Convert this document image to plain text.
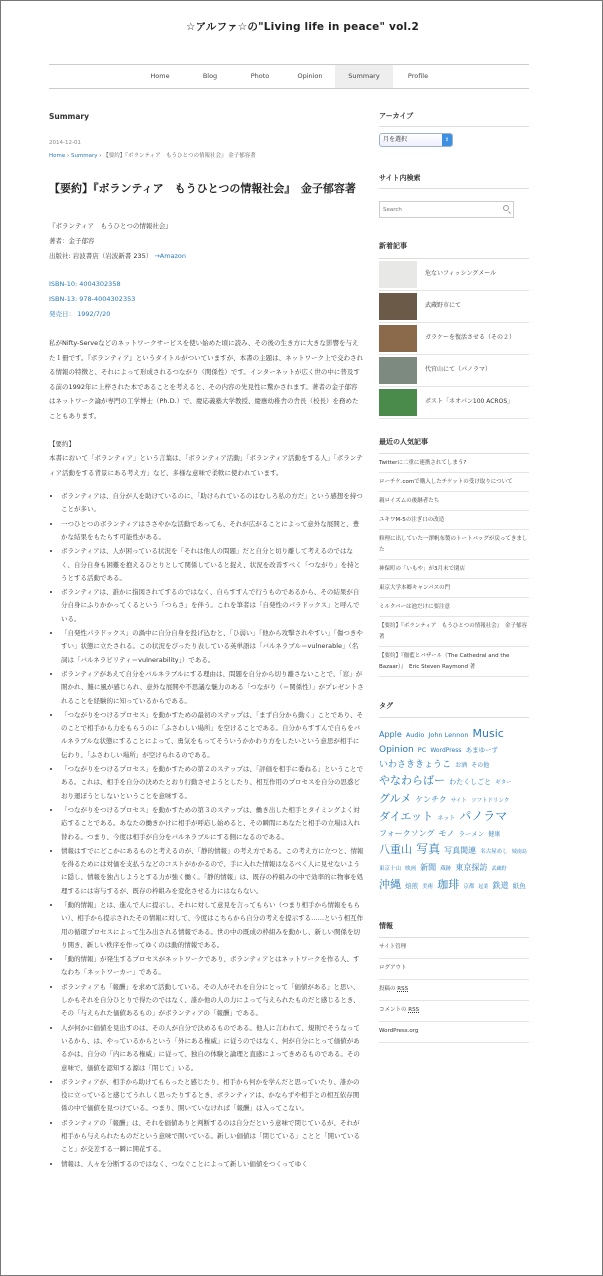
☆アルファ☆の"Living life in peace" vol.2
Home	Blog	Photo	Opinion	Summary	Profile
Summary
2014-12-01
Home › Summary › 【要約】『ボランティア　もうひとつの情報社会』 金子郁容著
【要約】『ボランティア　もうひとつの情報社会』　金子郁容著

『ボランティア　もうひとつの情報社会』

著者：金子郁容

出版社: 岩波書店（岩波新書 235） →Amazon

ISBN-10: 4004302358

ISBN-13: 978-4004302353

発売日： 1992/7/20

私がNifty-Serveなどのネットワークサービスを使い始めた頃に読み、その後の生き方に大きな影響を与えた１冊です。『ボランティア』というタイトルがついていますが、本書の主題は、ネットワーク上で交わされる情報の特徴と、それによって形成されるつながり（関係性）です。インターネットが広く世の中に普及する前の1992年に上梓された本であることを考えると、その内容の先見性に驚かされます。著者の金子郁容はネットワーク論が専門の工学博士（Ph.D.）で、慶応義塾大学教授、慶應幼稚舎の舎長（校長）を務めたこともあります。

【要約】

本書において「ボランティア」という言葉は、「ボランティア活動」「ボランティア活動をする人」「ボランティア活動をする背景にある考え方」など、多様な意味で柔軟に使われています。

• ボランティアは、自分が人を助けているのに、「助けられているのはむしろ私の方だ」という感想を持つことが多い。
• 一つひとつのボランティアはささやかな活動であっても、それが広がることによって意外な展開と、豊かな結果をもたらす可能性がある。
• ボランティアは、人が困っている状況を「それは他人の問題」だと自分と切り離して考えるのではなく、自分自身も困難を抱えるひとりとして関係していると捉え、状況を改善すべく「つながり」を持とうとする活動である。
• ボランティアは、誰かに指図されてするのではなく、自らすすんで行うものであるから、その結果が自分自身にふりかかってくるという「つらさ」を伴う。これを筆者は「自発性のパラドックス」と呼んでいる。
• 「自発性パラドックス」の渦中に自分自身を投げ込むと、「ひ弱い」「他から攻撃されやすい」「傷つきやすい」状態に立たされる。この状況をぴったり表している英単語は「バルネラブル＝vulnerable」（名詞は「バルネラビリティ＝vulnerability」）である。
• ボランティアがあえて自分をバルネラブルにする理由は、問題を自分から切り離さないことで、「窓」が開かれ、難に風が感じられ、意外な展開や不思議な魅力のある「つながり（＝関係性）」がプレゼントされることを経験的に知っているからである。
• 「つながりをつけるプロセス」を動かすための最初のステップは、「まず自分から動く」ことであり、そのことで相手から力をもらうのに「ふさわしい場所」を空けることである。自分からすすんで自らをバルネラブルな状態にすることによって、勇気をもってそういうかかわり方をしたいという意思が相手に伝わり、「ふさわしい場所」が空けられるのである。
• 「つながりをつけるプロセス」を動かすための第２のステップは、「評価を相手に委ねる」ということである。これは、相手を自分の決めたとおり行動させようとしたり、相互作用のプロセスを自分の思惑どおり運ぼうとしないということを意味する。
• 「つながりをつけるプロセス」を動かすための第３のステップは、働き出した相手とタイミングよく対応することである。あなたの働きかけに相手が呼応し始めると、その瞬間にあなたと相手の立場は入れ替わる。つまり、今度は相手が自分をバルネラブルにする側になるのである。
• 情報はすでにどこかにあるものと考えるのが、「静的情報」の考え方である。この考え方に立つと、情報を得るためには対価を支払うなどのコストがかかるので、手に入れた情報はなるべく人に見せないように隠し、情報を独占しようとする力が強く働く。「静的情報」は、既存の枠組みの中で効率的に物事を処理するには寄与するが、既存の枠組みを変化させる力にはならない。
• 「動的情報」とは、進んで人に提示し、それに対して意見を言ってもらい（つまり相手から情報をもらい）、相手から提示されたその情報に対して、今度はこちらから自分の考えを提示する……という相互作用の循環プロセスによって生み出される情報である。世の中の既成の枠組みを動かし、新しい関係を切り開き、新しい秩序を作ってゆくのは動的情報である。
• 「動的情報」が発生するプロセスがネットワークであり、ボランティアとはネットワークを作る人、すなわち「ネットワーカー」である。
• ボランティアも「報酬」を求めて活動している。その人がそれを自分にとって「価値がある」と思い、しかもそれを自分ひとりで得たのではなく、誰か他の人の力によって与えられたものだと感じるとき、その「与えられた価値あるもの」がボランティアの「報酬」である。
• 人が何かに価値を見出すのは、その人が自分で決めるものである。他人に言われて、規則でそうなっているから、は、やっているからという「外にある権威」に従うのではなく、何が自分にとって価値があるかは、自分の「内にある権威」に従って、独自の体験と論理と直感によってきめるものである。その意味で、価値を認知する源は「閉じて」いる。
• ボランティアが、相手から助けてもらったと感じたり、相手から何かを学んだと思っていたり、誰かの役に立っていると感じてうれしく思ったりするとき、ボランティアは、かならずや相手との相互依存関係の中で価値を見つけている。つまり、開いていなければ「報酬」は入ってこない。
• ボランティアの「報酬」は、それを価値ありと判断するのは自分だという意味で閉じているが、それが相手から与えられたものだという意味で開いている。新しい価値は「閉じている」ことと「開いていること」が交差する一瞬に開花する。
• 情報は、人々を分断するのではなく、つなぐことによって新しい価値をつくってゆく
アーカイブ
月を選択	⇕
サイト内検索
Search
新着記事
危ないフィッシングメール
武蔵野市にて
ガラケーを復活させる（その２）
代官山にて（パノラマ）
ポスト「ネオパン100 ACROS」
最近の人気記事
Twitterに二重に連携されてしまう?
ローチケ.comで購入したチケットの受け取りについて
親ロイズムの後継者たち
ユキワM-5の注ぎ口の改造
修理に出していた一澤帆布製のトートバッグが戻ってきました
神保町の「いもや」が3月末で閉店
東京大学本郷キャンパスの門
ミルクバーは池だけに要注意
【要約】『ボランティア　もうひとつの情報社会』　金子郁容著
【要約】『伽藍とバザール（The Cathedral and the Bazaar）』　Eric Steven Raymond 著
タグ
Apple Audio John Lennon Music Opinion PC WordPress あまゆーず いわさききょうこ お酒 その他 やなわらばー わたくしごと ギター グルメ ケンチク サイト ソフトドリンク ダイエット ネット パノラマ フォークソング モノ ラーメン 健康 八重山 写真 写真関連 名古屋めし 城南島 東京十山 映画 新聞 蔵跡 東京探訪 武蔵野 沖縄 焙煎 美術 珈琲 京都 起業 鉄道 紙魚
情報
サイト管理
ログアウト
投稿の RSS
コメントの RSS
WordPress.org
